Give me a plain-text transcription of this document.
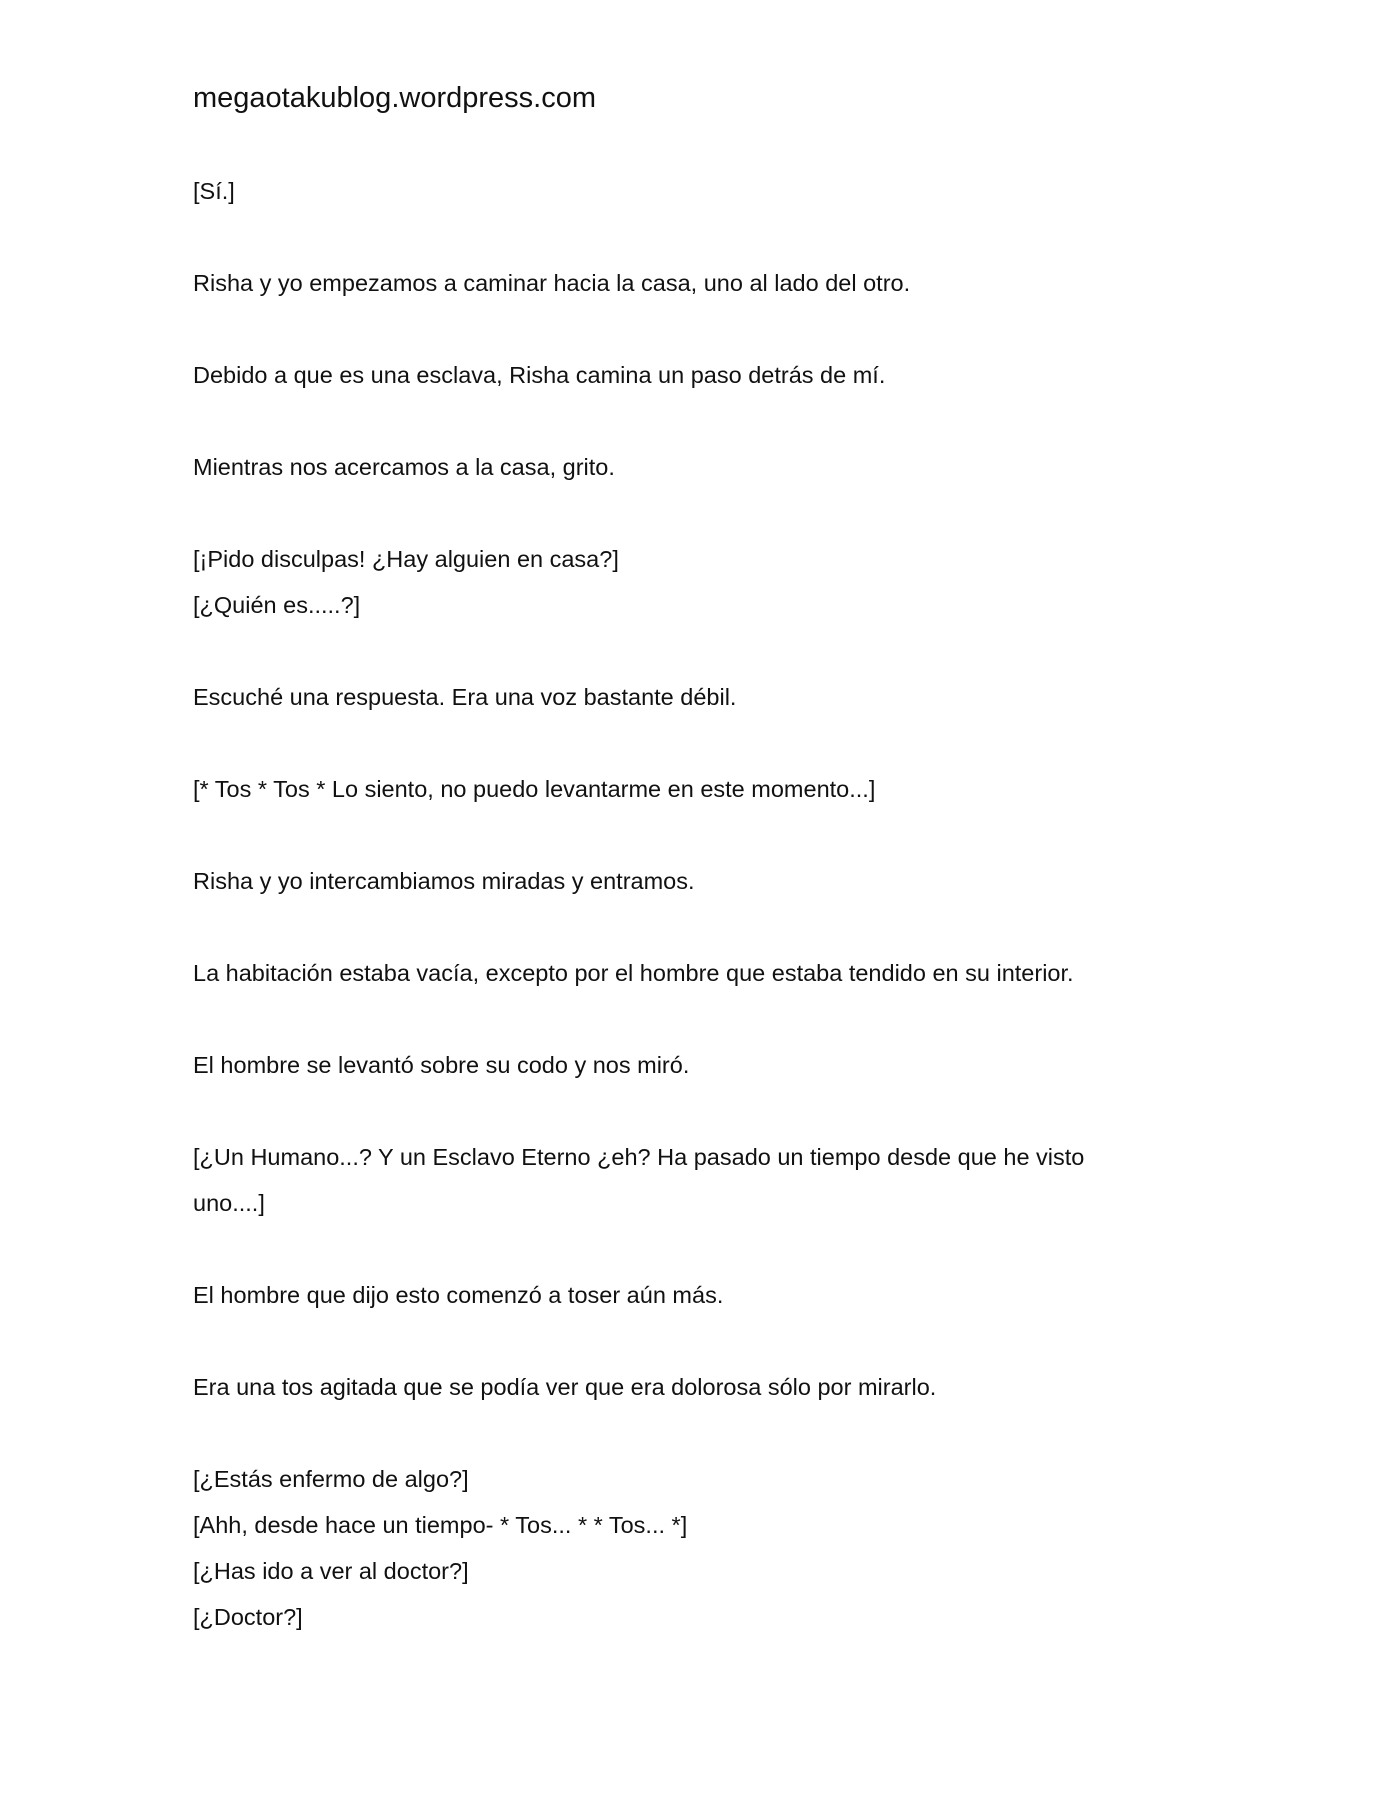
megaotakublog.wordpress.com
[Sí.]
Risha y yo empezamos a caminar hacia la casa, uno al lado del otro.
Debido a que es una esclava, Risha camina un paso detrás de mí.
Mientras nos acercamos a la casa, grito.
[¡Pido disculpas! ¿Hay alguien en casa?]
[¿Quién es.....?]
Escuché una respuesta. Era una voz bastante débil.
[* Tos * Tos * Lo siento, no puedo levantarme en este momento...]
Risha y yo intercambiamos miradas y entramos.
La habitación estaba vacía, excepto por el hombre que estaba tendido en su interior.
El hombre se levantó sobre su codo y nos miró.
[¿Un Humano...? Y un Esclavo Eterno ¿eh? Ha pasado un tiempo desde que he visto
uno....]
El hombre que dijo esto comenzó a toser aún más.
Era una tos agitada que se podía ver que era dolorosa sólo por mirarlo.
[¿Estás enfermo de algo?]
[Ahh, desde hace un tiempo- * Tos... * * Tos... *]
[¿Has ido a ver al doctor?]
[¿Doctor?]
